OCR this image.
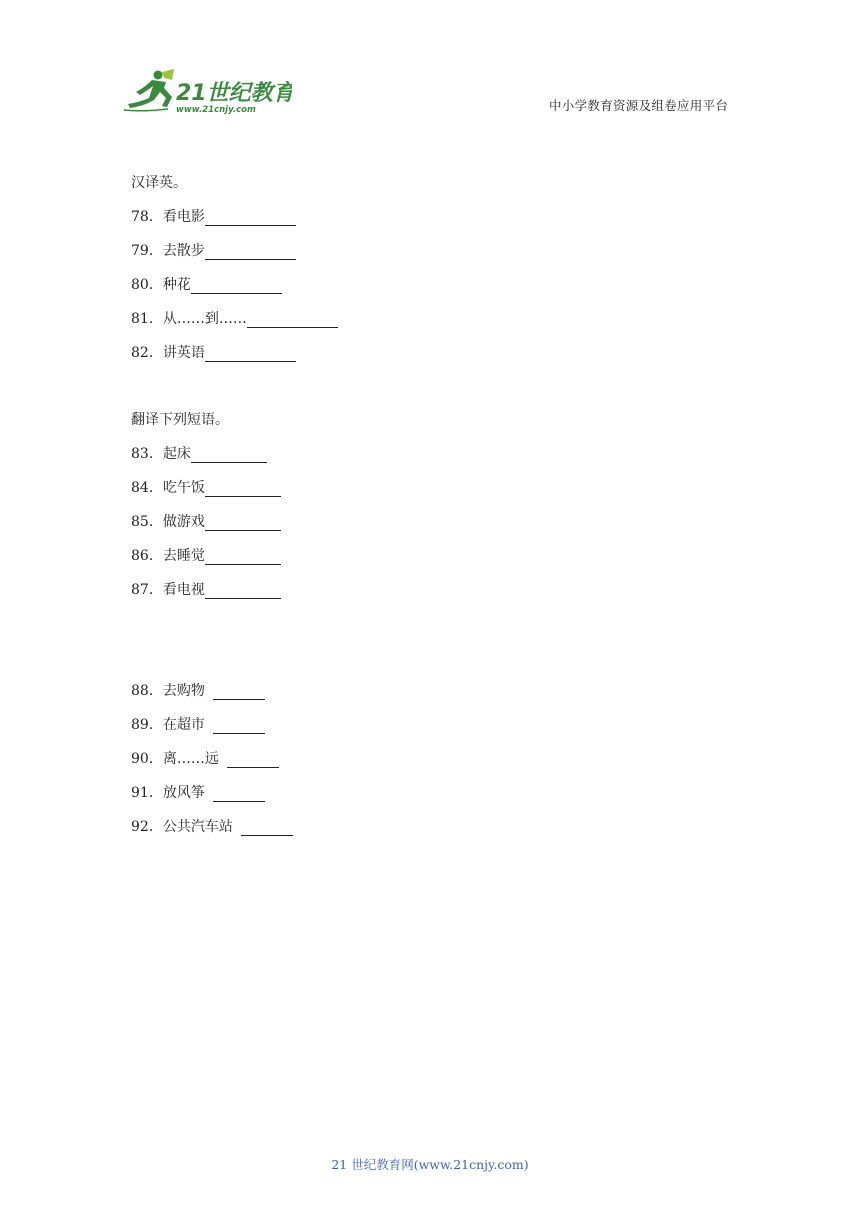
21世纪教育
www.21cnjy.com	中小学教育资源及组卷应用平台
汉译英。
78． 看电影
79． 去散步
80． 种花
81． 从……到……
82． 讲英语
翻译下列短语。
83． 起床
84． 吃午饭
85． 做游戏
86． 去睡觉
87． 看电视
88． 去购物
89． 在超市
90． 离……远
91． 放风筝
92． 公共汽车站
21 世纪教育网(www.21cnjy.com)
